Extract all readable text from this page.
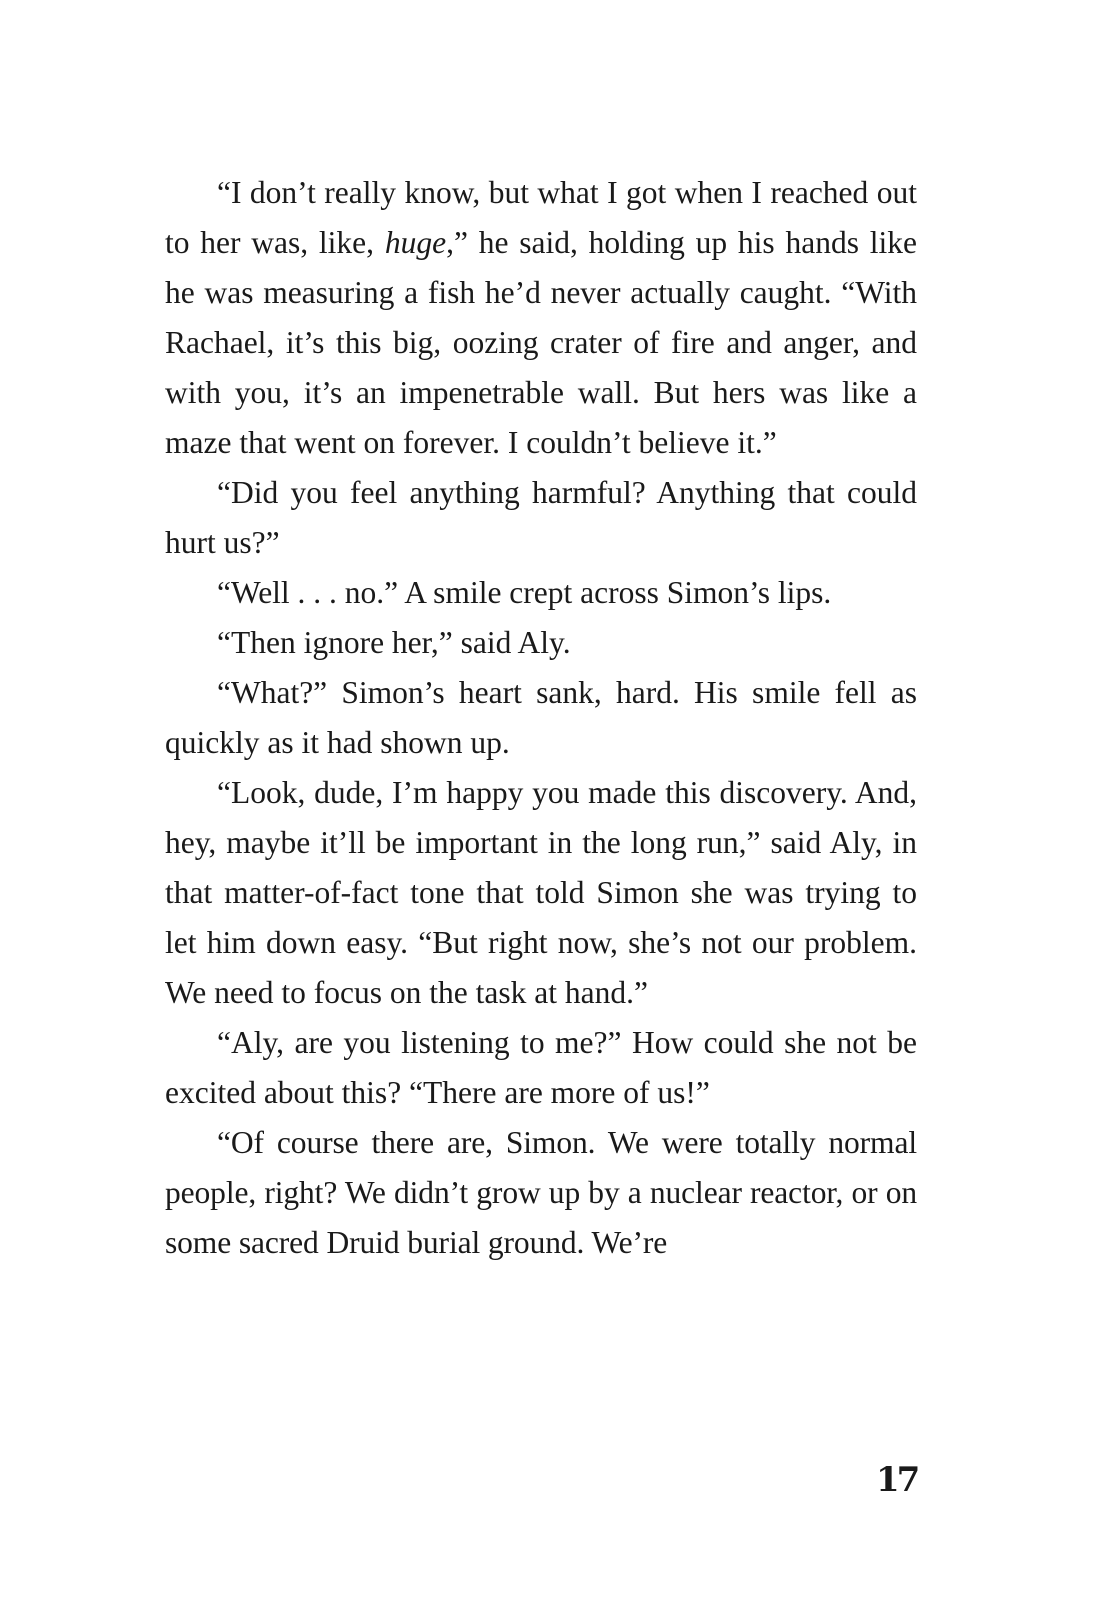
“I don’t really know, but what I got when I reached out to her was, like, huge,” he said, holding up his hands like he was measuring a fish he’d never actually caught. “With Rachael, it’s this big, oozing crater of fire and anger, and with you, it’s an impenetrable wall. But hers was like a maze that went on forever. I couldn’t believe it.”

“Did you feel anything harmful? Anything that could hurt us?”

“Well . . . no.” A smile crept across Simon’s lips.

“Then ignore her,” said Aly.

“What?” Simon’s heart sank, hard. His smile fell as quickly as it had shown up.

“Look, dude, I’m happy you made this discovery. And, hey, maybe it’ll be important in the long run,” said Aly, in that matter-of-fact tone that told Simon she was trying to let him down easy. “But right now, she’s not our problem. We need to focus on the task at hand.”

“Aly, are you listening to me?” How could she not be excited about this? “There are more of us!”

“Of course there are, Simon. We were totally normal people, right? We didn’t grow up by a nuclear reactor, or on some sacred Druid burial ground. We’re

17
